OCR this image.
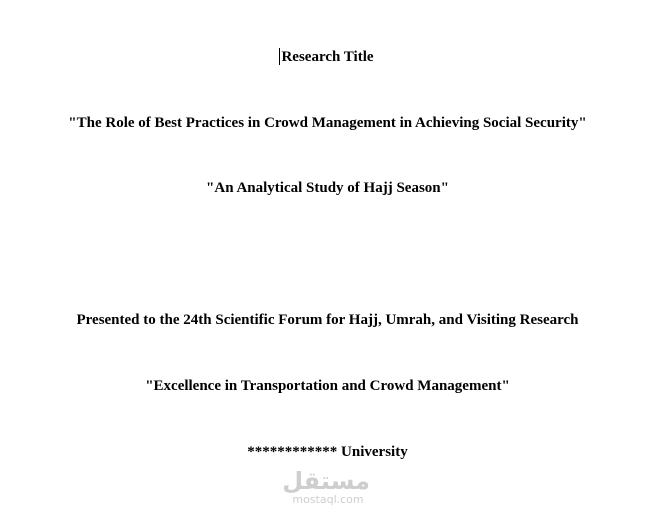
Research Title
"The Role of Best Practices in Crowd Management in Achieving Social Security"
"An Analytical Study of Hajj Season"
Presented to the 24th Scientific Forum for Hajj, Umrah, and Visiting Research
"Excellence in Transportation and Crowd Management"
************ University
مستقل
mostaql.com
